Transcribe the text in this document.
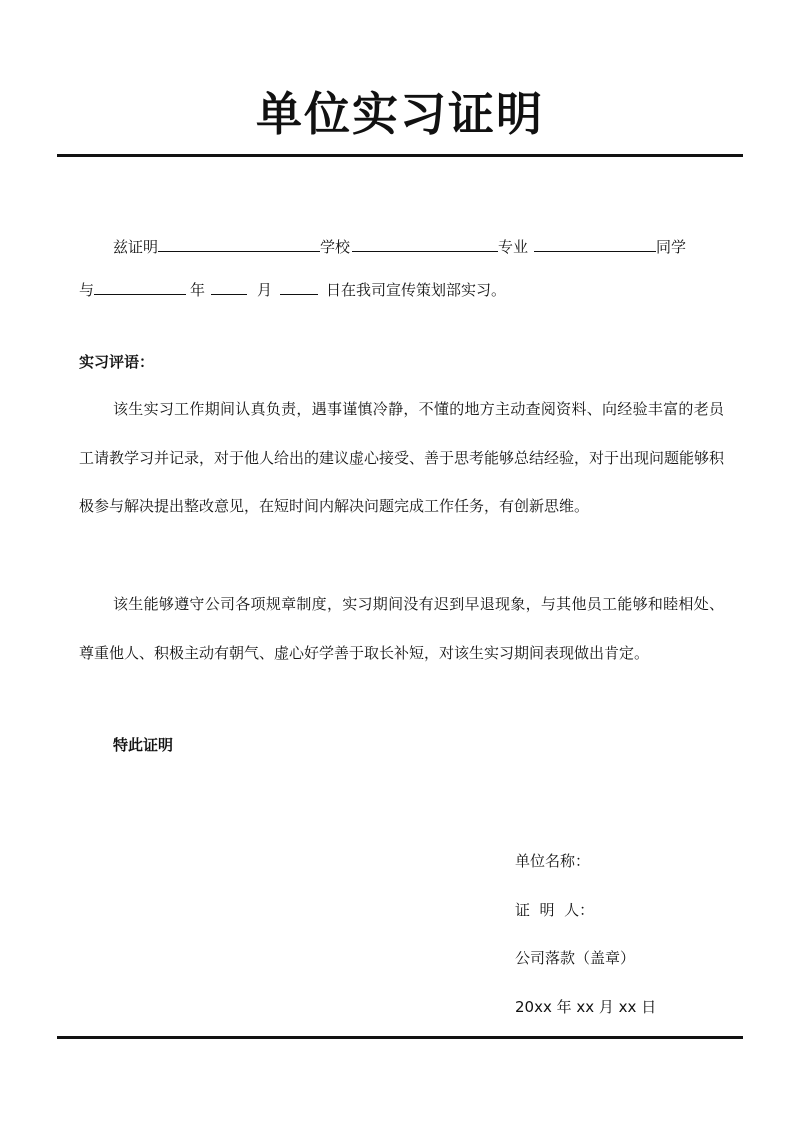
单位实习证明
兹证明	学校	专业	同学
与	年	月	日在我司宣传策划部实习。
实习评语：

该生实习工作期间认真负责，遇事谨慎冷静，不懂的地方主动查阅资料、向经验丰富的老员工请教学习并记录，对于他人给出的建议虚心接受、善于思考能够总结经验，对于出现问题能够积极参与解决提出整改意见，在短时间内解决问题完成工作任务，有创新思维。

该生能够遵守公司各项规章制度，实习期间没有迟到早退现象，与其他员工能够和睦相处、尊重他人、积极主动有朝气、虚心好学善于取长补短，对该生实习期间表现做出肯定。

特此证明
单位名称：
证  明  人：
公司落款（盖章）
20xx 年 xx 月 xx 日
